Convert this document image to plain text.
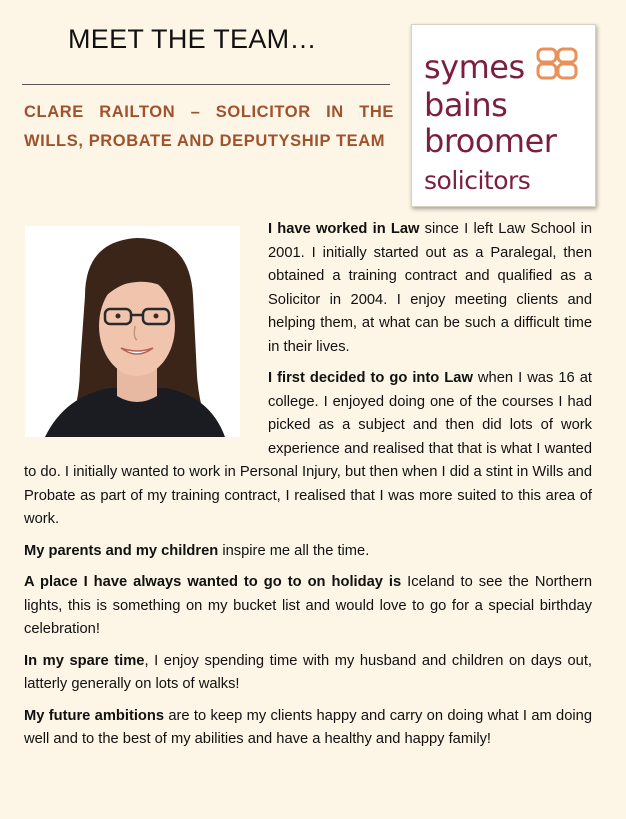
MEET THE TEAM…
CLARE RAILTON – SOLICITOR IN THE WILLS, PROBATE AND DEPUTYSHIP TEAM
symes
bains
broomer
solicitors

I have worked in Law since I left Law School in 2001. I initially started out as a Paralegal, then obtained a training contract and qualified as a Solicitor in 2004. I enjoy meeting clients and helping them, at what can be such a difficult time in their lives.

I first decided to go into Law when I was 16 at college. I enjoyed doing one of the courses I had picked as a subject and then did lots of work experience and realised that that is what I wanted to do. I initially wanted to work in Personal Injury, but then when I did a stint in Wills and Probate as part of my training contract, I realised that I was more suited to this area of work.

My parents and my children inspire me all the time.

A place I have always wanted to go to on holiday is Iceland to see the Northern lights, this is something on my bucket list and would love to go for a special birthday celebration!

In my spare time, I enjoy spending time with my husband and children on days out, latterly generally on lots of walks!

My future ambitions are to keep my clients happy and carry on doing what I am doing well and to the best of my abilities and have a healthy and happy family!
